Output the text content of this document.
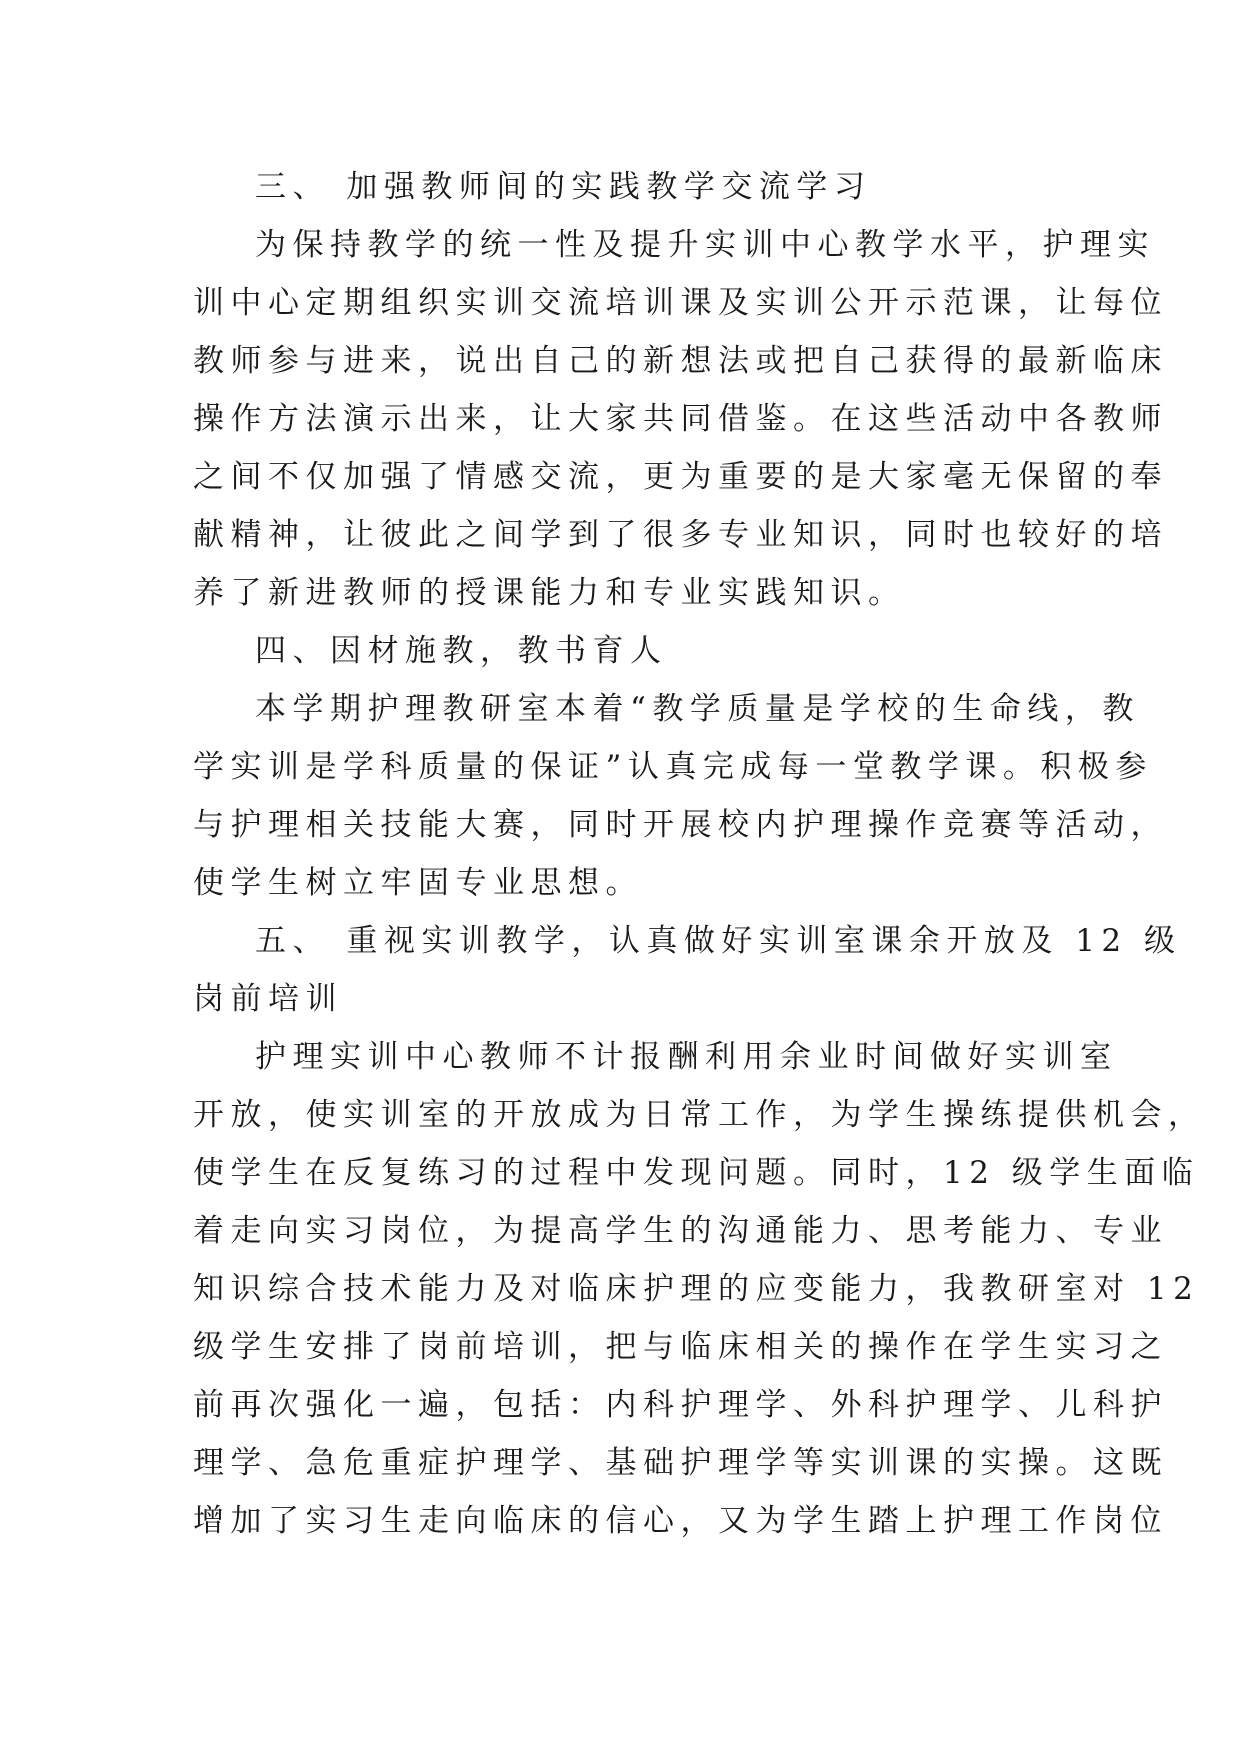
三、 加强教师间的实践教学交流学习
为保持教学的统一性及提升实训中心教学水平，护理实
训中心定期组织实训交流培训课及实训公开示范课，让每位
教师参与进来，说出自己的新想法或把自己获得的最新临床
操作方法演示出来，让大家共同借鉴。在这些活动中各教师
之间不仅加强了情感交流，更为重要的是大家毫无保留的奉
献精神，让彼此之间学到了很多专业知识，同时也较好的培
养了新进教师的授课能力和专业实践知识。
四、因材施教，教书育人
本学期护理教研室本着“教学质量是学校的生命线，教
学实训是学科质量的保证”认真完成每一堂教学课。积极参
与护理相关技能大赛，同时开展校内护理操作竞赛等活动，
使学生树立牢固专业思想。
五、 重视实训教学，认真做好实训室课余开放及 12 级
岗前培训
护理实训中心教师不计报酬利用余业时间做好实训室
开放，使实训室的开放成为日常工作，为学生操练提供机会，
使学生在反复练习的过程中发现问题。同时，12 级学生面临
着走向实习岗位，为提高学生的沟通能力、思考能力、专业
知识综合技术能力及对临床护理的应变能力，我教研室对 12
级学生安排了岗前培训，把与临床相关的操作在学生实习之
前再次强化一遍，包括：内科护理学、外科护理学、儿科护
理学、急危重症护理学、基础护理学等实训课的实操。这既
增加了实习生走向临床的信心，又为学生踏上护理工作岗位
